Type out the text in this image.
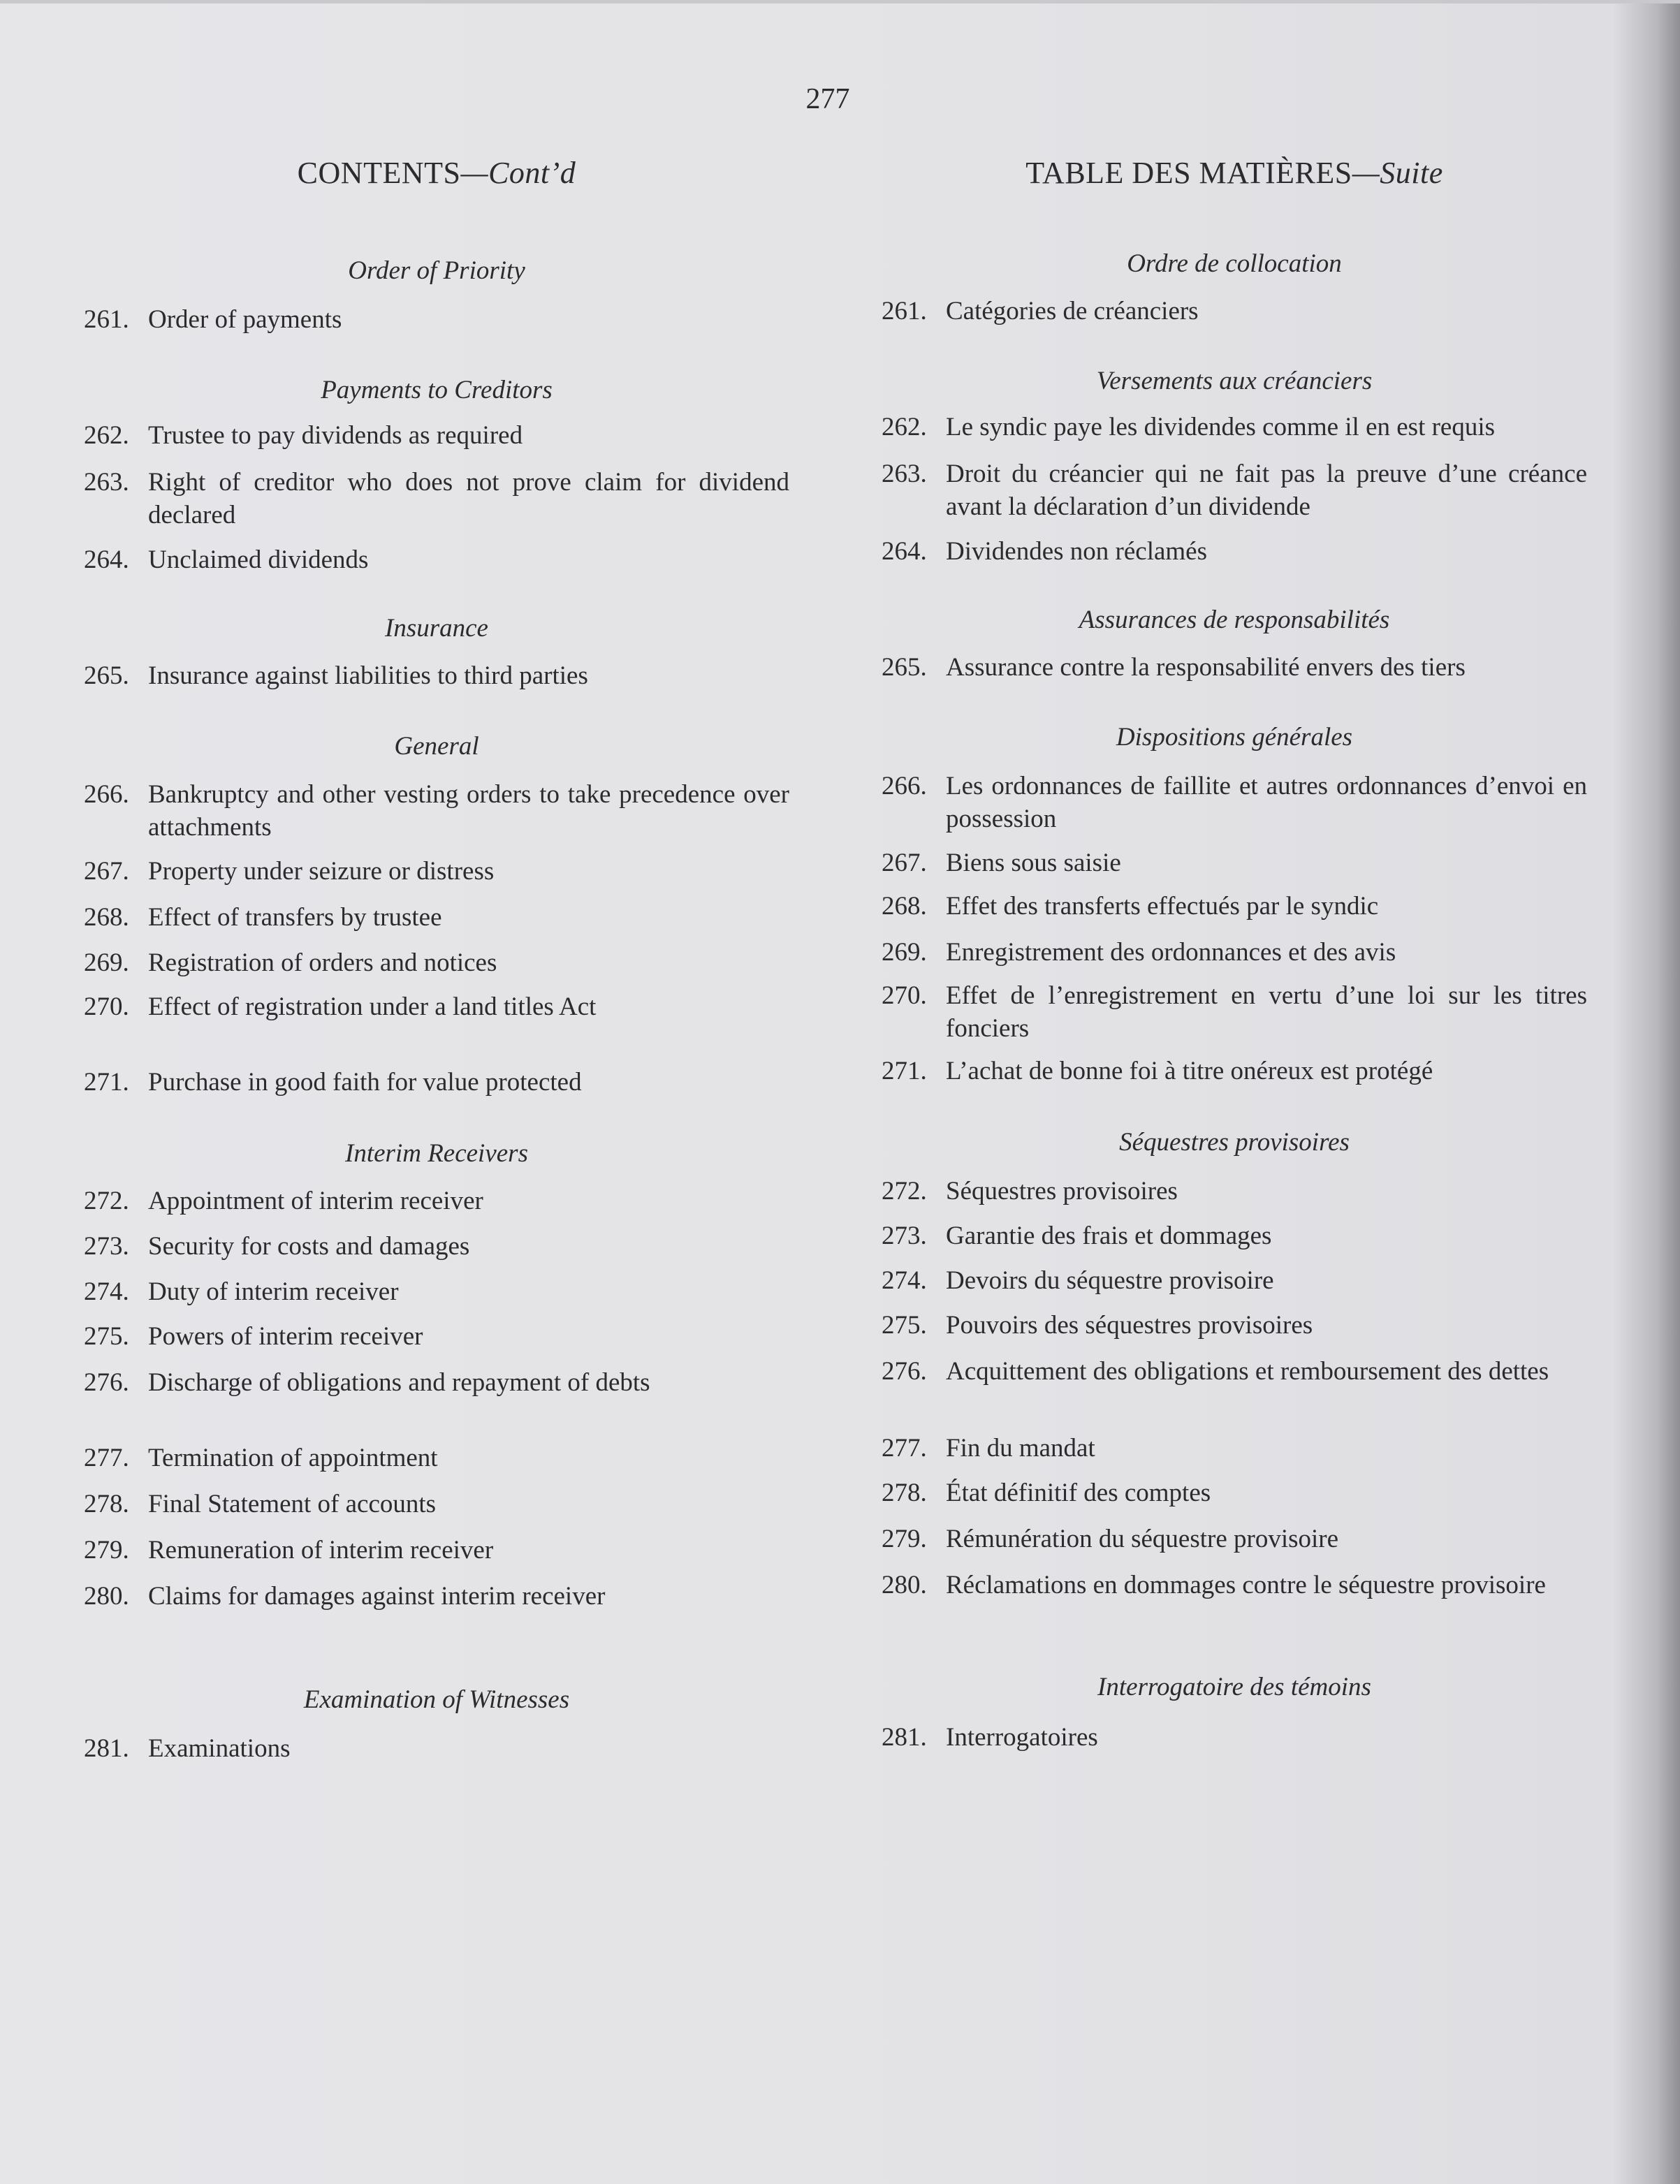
277
CONTENTS—Cont’d
Order of Priority
261. Order of payments
Payments to Creditors
262. Trustee to pay dividends as required
263. Right of creditor who does not prove claim for dividend declared
264. Unclaimed dividends
Insurance
265. Insurance against liabilities to third parties
General
266. Bankruptcy and other vesting orders to take precedence over attachments
267. Property under seizure or distress
268. Effect of transfers by trustee
269. Registration of orders and notices
270. Effect of registration under a land titles Act
271. Purchase in good faith for value protected
Interim Receivers
272. Appointment of interim receiver
273. Security for costs and damages
274. Duty of interim receiver
275. Powers of interim receiver
276. Discharge of obligations and repayment of debts
277. Termination of appointment
278. Final Statement of accounts
279. Remuneration of interim receiver
280. Claims for damages against interim receiver
Examination of Witnesses
281. Examinations
TABLE DES MATIÈRES—Suite
Ordre de collocation
261. Catégories de créanciers
Versements aux créanciers
262. Le syndic paye les dividendes comme il en est requis
263. Droit du créancier qui ne fait pas la preuve d’une créance avant la déclaration d’un dividende
264. Dividendes non réclamés
Assurances de responsabilités
265. Assurance contre la responsabilité envers des tiers
Dispositions générales
266. Les ordonnances de faillite et autres ordonnances d’envoi en possession
267. Biens sous saisie
268. Effet des transferts effectués par le syndic
269. Enregistrement des ordonnances et des avis
270. Effet de l’enregistrement en vertu d’une loi sur les titres fonciers
271. L’achat de bonne foi à titre onéreux est protégé
Séquestres provisoires
272. Séquestres provisoires
273. Garantie des frais et dommages
274. Devoirs du séquestre provisoire
275. Pouvoirs des séquestres provisoires
276. Acquittement des obligations et remboursement des dettes
277. Fin du mandat
278. État définitif des comptes
279. Rémunération du séquestre provisoire
280. Réclamations en dommages contre le séquestre provisoire
Interrogatoire des témoins
281. Interrogatoires
